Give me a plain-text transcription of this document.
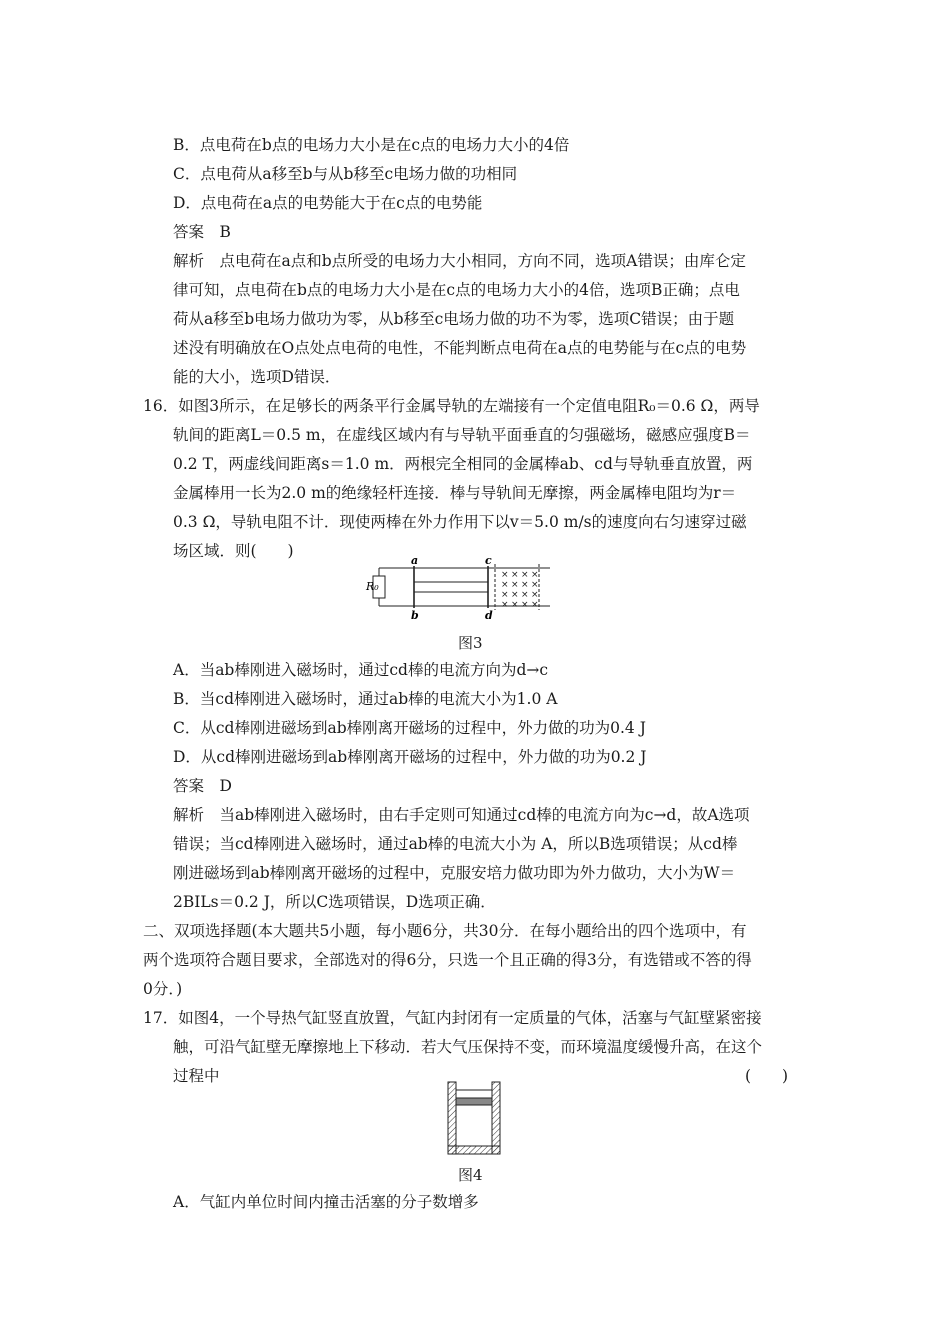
B．点电荷在b点的电场力大小是在c点的电场力大小的4倍
C．点电荷从a移至b与从b移至c电场力做的功相同
D．点电荷在a点的电势能大于在c点的电势能
答案　B
解析　点电荷在a点和b点所受的电场力大小相同，方向不同，选项A错误；由库仑定
律可知，点电荷在b点的电场力大小是在c点的电场力大小的4倍，选项B正确；点电
荷从a移至b电场力做功为零，从b移至c电场力做的功不为零，选项C错误；由于题
述没有明确放在O点处点电荷的电性，不能判断点电荷在a点的电势能与在c点的电势
能的大小，选项D错误．
16．如图3所示，在足够长的两条平行金属导轨的左端接有一个定值电阻R₀＝0.6 Ω，两导
轨间的距离L＝0.5 m，在虚线区域内有与导轨平面垂直的匀强磁场，磁感应强度B＝
0.2 T，两虚线间距离s＝1.0 m．两根完全相同的金属棒ab、cd与导轨垂直放置，两
金属棒用一长为2.0 m的绝缘轻杆连接．棒与导轨间无摩擦，两金属棒电阻均为r＝
0.3 Ω，导轨电阻不计．现使两棒在外力作用下以v＝5.0 m/s的速度向右匀速穿过磁
场区域．则(　　)
R₀
a
b
c
d
× × × ×
× × × ×
× × × ×
× × × ×
图3
A．当ab棒刚进入磁场时，通过cd棒的电流方向为d→c
B．当cd棒刚进入磁场时，通过ab棒的电流大小为1.0 A
C．从cd棒刚进磁场到ab棒刚离开磁场的过程中，外力做的功为0.4 J
D．从cd棒刚进磁场到ab棒刚离开磁场的过程中，外力做的功为0.2 J
答案　D
解析　当ab棒刚进入磁场时，由右手定则可知通过cd棒的电流方向为c→d，故A选项
错误；当cd棒刚进入磁场时，通过ab棒的电流大小为 A，所以B选项错误；从cd棒
刚进磁场到ab棒刚离开磁场的过程中，克服安培力做功即为外力做功，大小为W＝
2BILs＝0.2 J，所以C选项错误，D选项正确．
二、双项选择题(本大题共5小题，每小题6分，共30分．在每小题给出的四个选项中，有
两个选项符合题目要求，全部选对的得6分，只选一个且正确的得3分，有选错或不答的得
0分．)
17．如图4，一个导热气缸竖直放置，气缸内封闭有一定质量的气体，活塞与气缸壁紧密接
触，可沿气缸壁无摩擦地上下移动．若大气压保持不变，而环境温度缓慢升高，在这个
过程中	(　　)
图4
A．气缸内单位时间内撞击活塞的分子数增多
